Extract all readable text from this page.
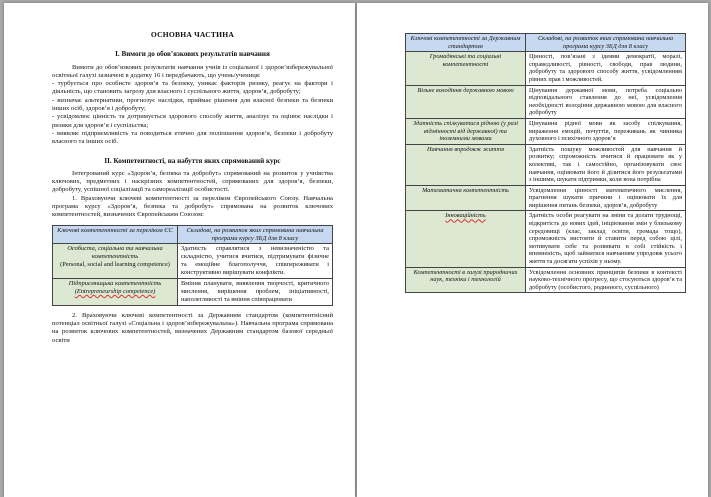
ОСНОВНА ЧАСТИНА
І. Вимоги до обов’язкових результатів навчання

Вимоги до обов’язкових результатів навчання учнів із соціальної і здоров’язбережувальної освітньої галузі зазначені в додатку 16 і передбачають, що учень/учениця:

- турбується про особисте здоров’я та безпеку, уникає факторів ризику, реагує на фактори і діяльність, що становить загрозу для власного і суспільного життя, здоров’я, добробуту;

- визначає альтернативи, прогнозує наслідки, приймає рішення для власної безпеки та безпеки інших осіб, здоров’я і добробуту;

- усвідомлює цінність та дотримується здорового способу життя, аналізує та оцінює наслідки і ризики для здоров’я і суспільства;

- виявляє підприємливість та поводиться етично для поліпшення здоров’я, безпеки і добробуту власного та інших осіб.

ІІ. Компетентності, на набуття яких спрямований курс

Інтегрований курс «Здоров’я, безпека та добробут» спрямований на розвиток у учнівства ключових, предметних і наскрізних компетентностей, спрямованих для здоров’я, безпеки, добробуту, успішної соціалізації та самореалізації особистості.

1. Враховуючи ключеві компетентності за переліком Європейського Союзу. Навчальна програма курсу «Здоров’я, безпека та добробут» спрямована на розвиток ключових компетентностей, визначених Європейським Союзом:

Ключові компетентності за переліком ЄС	Складові, на розвиток яких спрямована навчальна програма курсу ЗБД для 8 класу
Особиста, соціальна та навчальна компетентність
(Personal, social and learning competence)	Здатність справлятися з невизначеністю та складністю, учитися вчитися, підтримувати фізичне та емоційне благополуччя, співпереживати і конструктивно вирішувати конфлікти.
Підприємницька компетентність
(Entrepreneurship competence)	Вміння планувати, виявлення творчості, критичного мислення, вирішення проблем, ініціативності, наполегливості та вміння співпрацювати

2. Враховуючи ключеві компетентності за Державним стандартом (компетентнісний потенціал освітньої галузі «Соціальна і здоров’язбережувальна»). Навчальна програма спрямована на розвиток ключових компетентностей, визначених Державним стандартом базової середньої освіти

Ключові компетентності за Державним стандартом	Складові, на розвиток яких спрямована навчальна програма курсу ЗБД для 8 класу
Громадянські та соціальні компетентності	Цінності, пов’язані з ідеями демократії, моралі, справедливості, рівності, свободи, прав людини, добробуту та здорового способу життя, усвідомленням рівних прав і можливостей.
Вільне володіння державною мовою	Цінування державної мови, потреба соціально відповідального ставлення до неї, усвідомлення необхідності володіння державною мовою для власного добробуту
Здатність спілкуватися рідною (у разі відмінності від державної) та іноземними мовами	Цінування рідної мови як засобу спілкування, вираження емоцій, почуттів, переживань як чинника духовного і психічного здоров’я
Навчання впродовж життя	Здатність пошуку можливостей для навчання й розвитку; спроможність вчитися й працювати як у колективі, так і самостійно, організовувати своє навчання, оцінювати його й ділитися його результатами з іншими, шукати підтримки, коли вона потрібна
Математична компетентність	Усвідомлення цінності математичного мислення, прагнення шукати причини і оцінювати їх для вирішення питань безпеки, здоров’я, добробуту
Інноваційність	Здатність особи реагувати на зміни та долати труднощі, відкритість до нових ідей, ініціювання змін у близькому середовищі (клас, заклад освіти, громада тощо), спроможність вистояти й ставити перед собою цілі, мотивувати себе та розвивати в собі стійкість і впевненість, щоб займатися навчанням упродовж усього життя та досягати успіхів у ньому.
Компетентності в галузі природничих наук, техніки і технологій	Усвідомлення основних принципів безпеки в контексті науково-технічного прогресу, що стосуються здоров’я та добробуту (особистого, родинного, суспільного)
